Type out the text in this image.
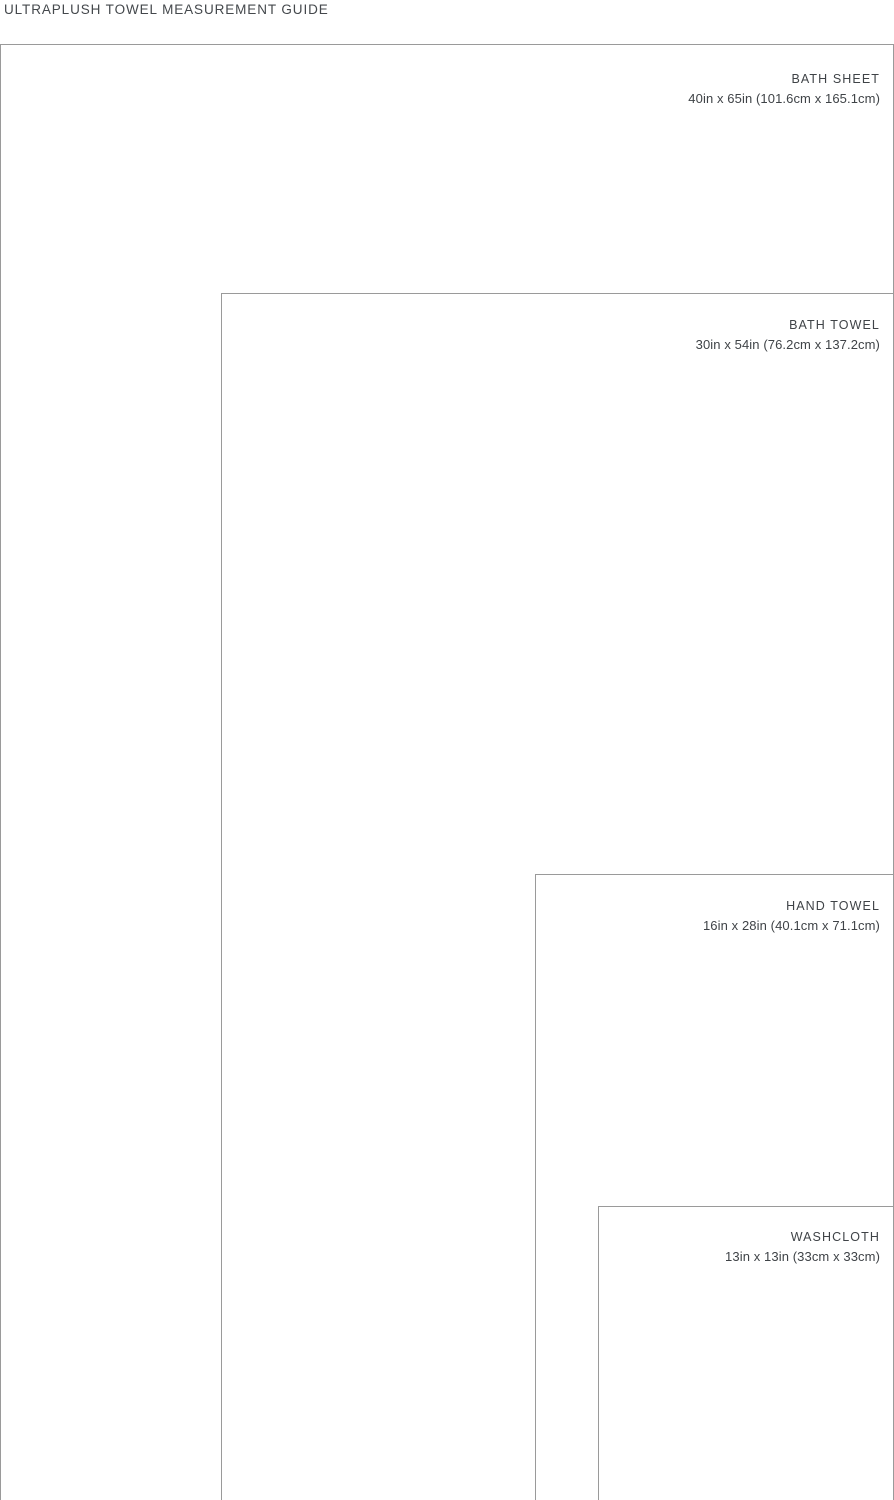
ULTRAPLUSH TOWEL MEASUREMENT GUIDE
BATH SHEET
40in x 65in (101.6cm x 165.1cm)
BATH TOWEL
30in x 54in (76.2cm x 137.2cm)
HAND TOWEL
16in x 28in (40.1cm x 71.1cm)
WASHCLOTH
13in x 13in (33cm x 33cm)
